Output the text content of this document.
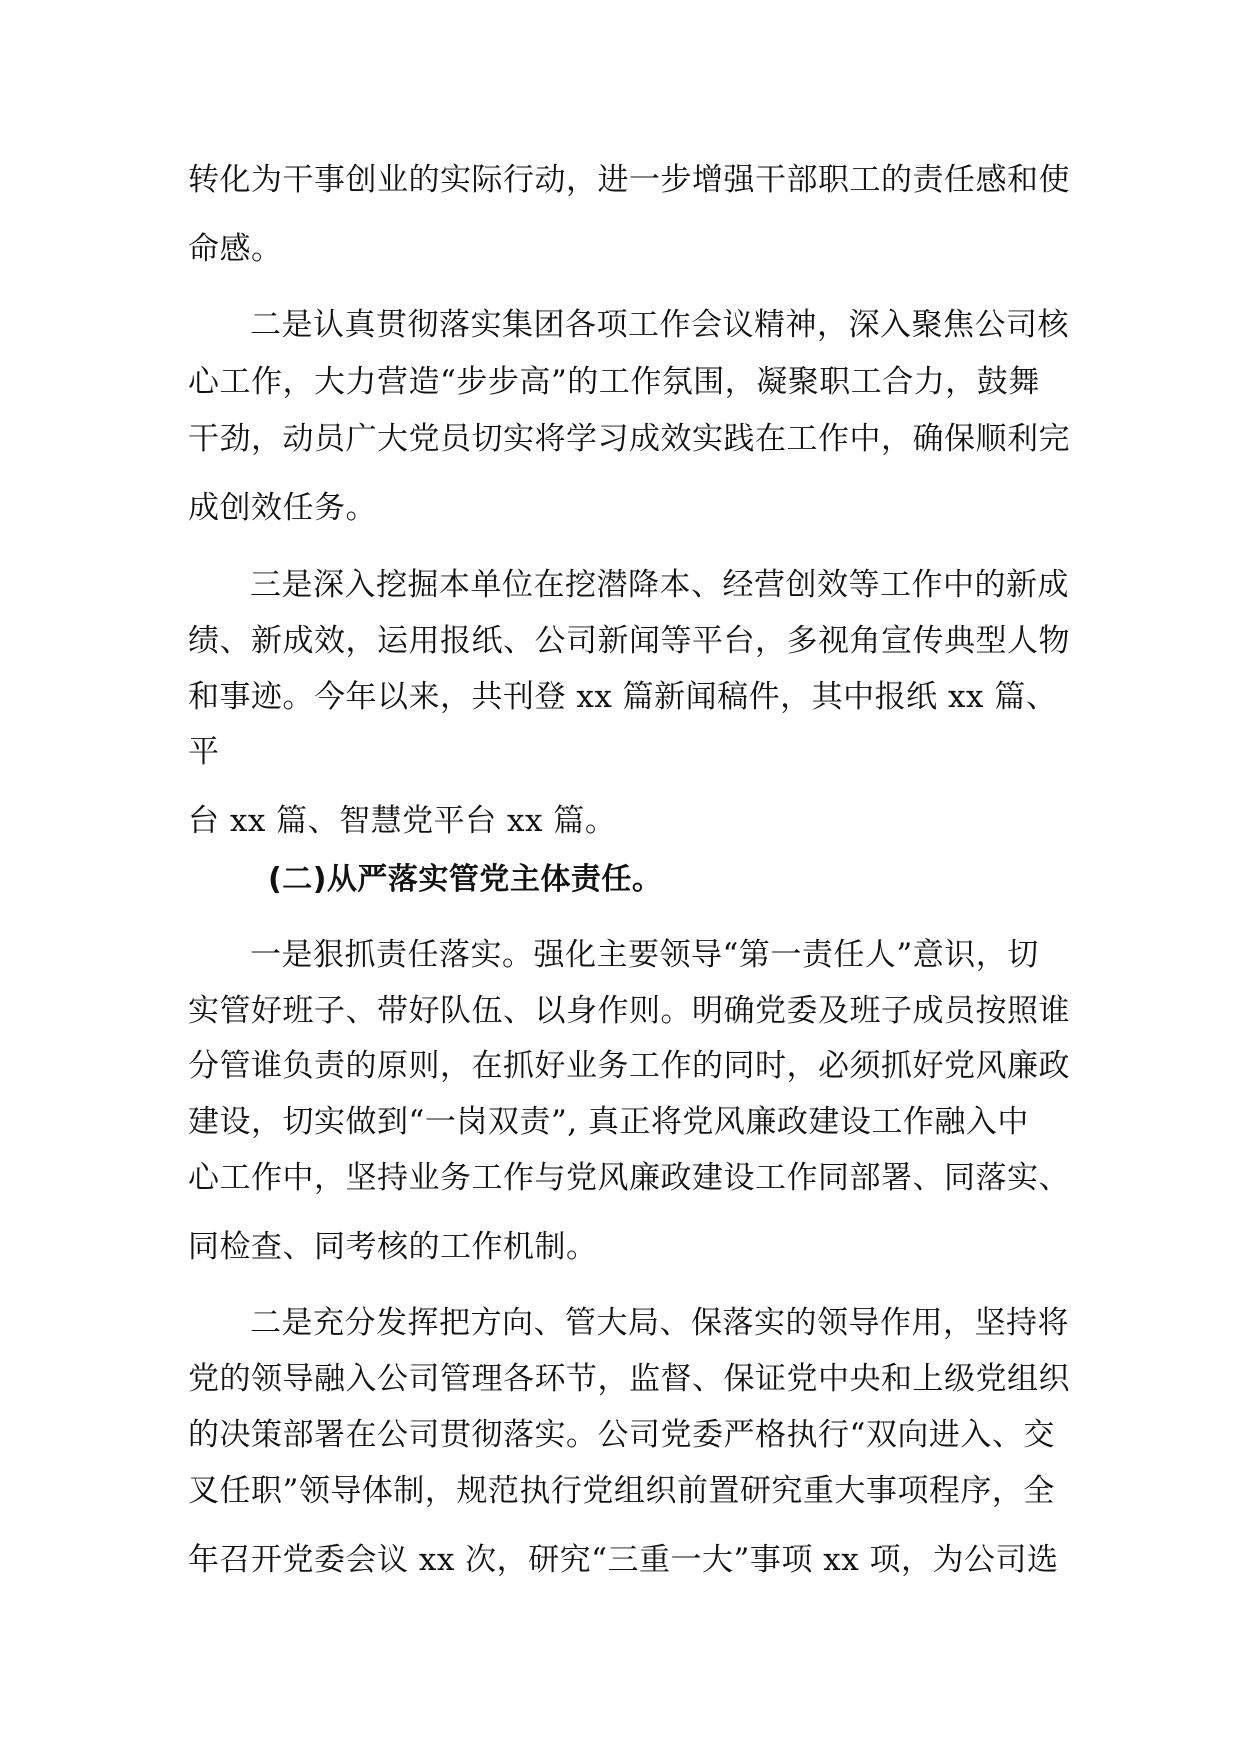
转化为干事创业的实际行动，进一步增强干部职工的责任感和使
命感。
二是认真贯彻落实集团各项工作会议精神，深入聚焦公司核
心工作，大力营造“步步高”的工作氛围，凝聚职工合力，鼓舞
干劲，动员广大党员切实将学习成效实践在工作中，确保顺利完
成创效任务。
三是深入挖掘本单位在挖潜降本、经营创效等工作中的新成
绩、新成效，运用报纸、公司新闻等平台，多视角宣传典型人物
和事迹。今年以来，共刊登 xx 篇新闻稿件，其中报纸 xx 篇、
平
台 xx 篇、智慧党平台 xx 篇。
(二)从严落实管党主体责任。
一是狠抓责任落实。强化主要领导“第一责任人”意识，切
实管好班子、带好队伍、以身作则。明确党委及班子成员按照谁
分管谁负责的原则，在抓好业务工作的同时，必须抓好党风廉政
建设，切实做到“一岗双责”, 真正将党风廉政建设工作融入中
心工作中，坚持业务工作与党风廉政建设工作同部署、同落实、
同检查、同考核的工作机制。
二是充分发挥把方向、管大局、保落实的领导作用，坚持将
党的领导融入公司管理各环节，监督、保证党中央和上级党组织
的决策部署在公司贯彻落实。公司党委严格执行“双向进入、交
叉任职”领导体制，规范执行党组织前置研究重大事项程序，全
年召开党委会议 xx 次，研究“三重一大”事项 xx 项，为公司选
